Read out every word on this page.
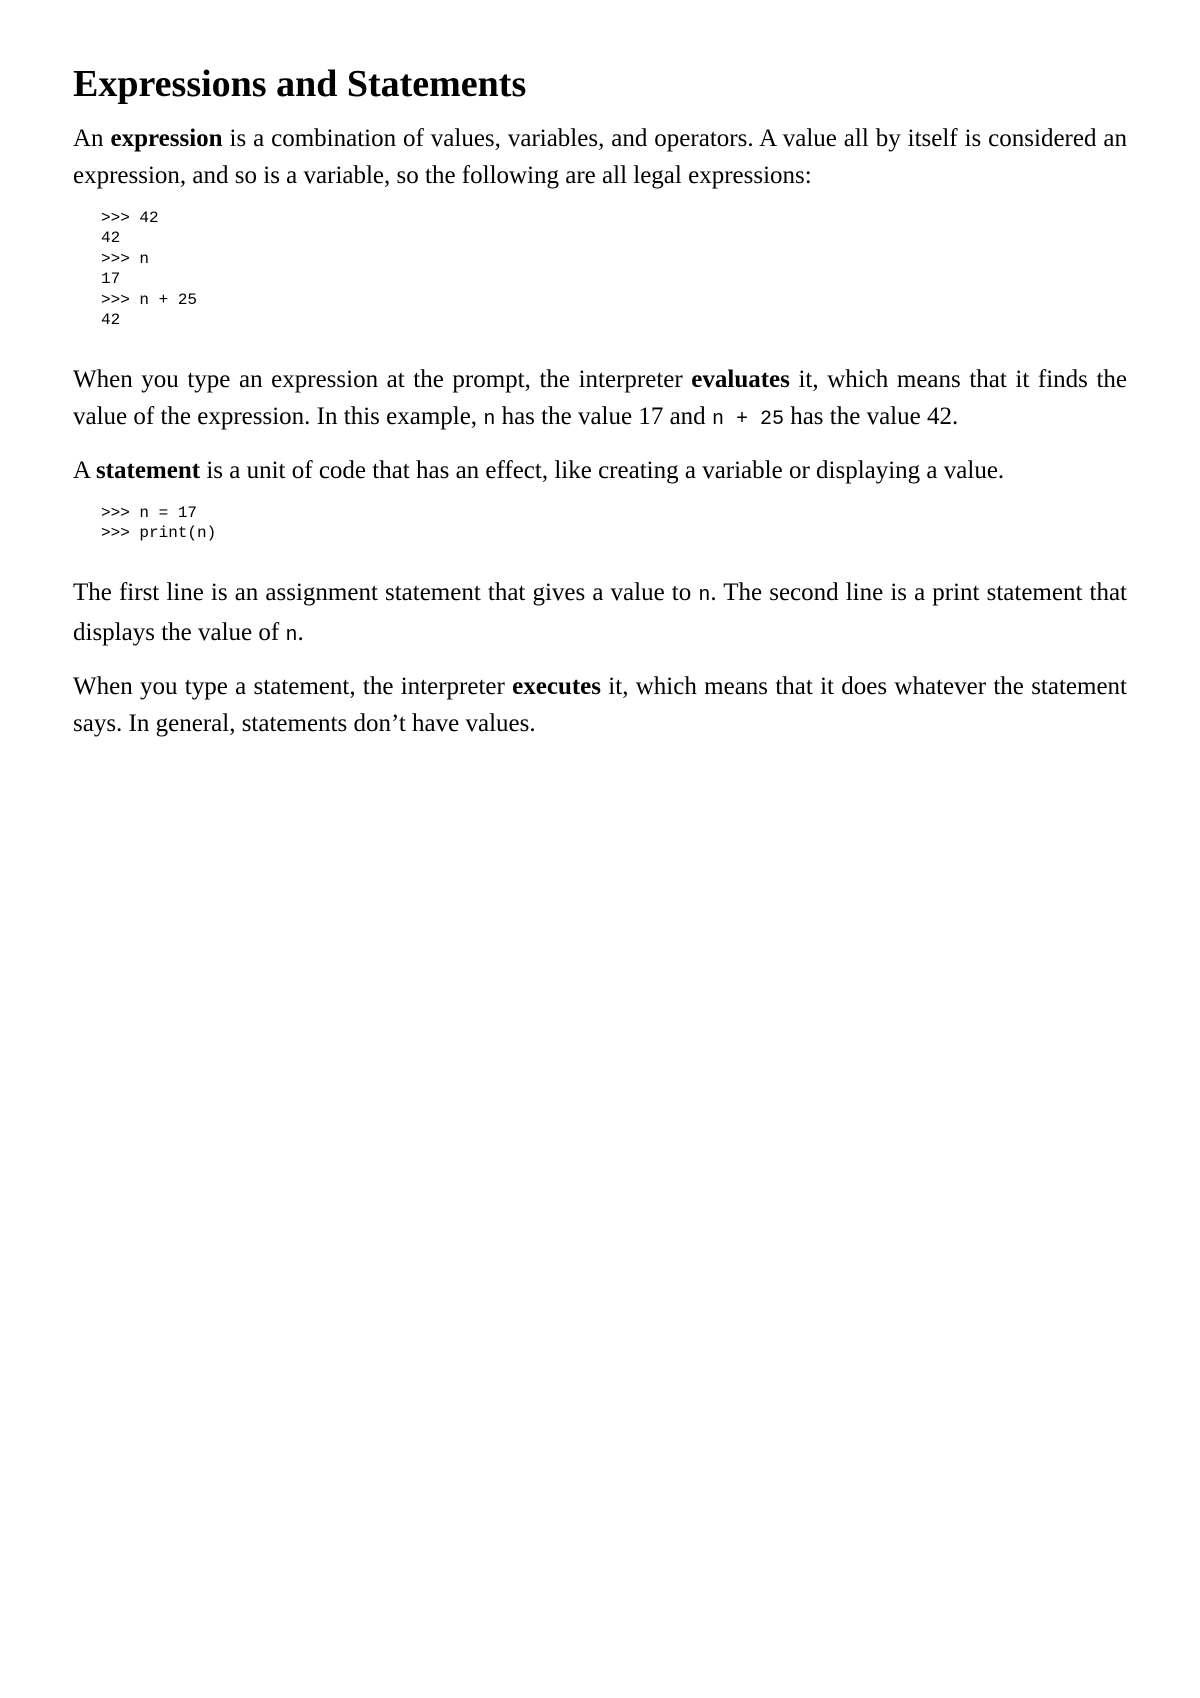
Expressions and Statements

An expression is a combination of values, variables, and operators. A value all by itself is considered an expression, and so is a variable, so the following are all legal expressions:

>>> 42
42
>>> n
17
>>> n + 25
42

When you type an expression at the prompt, the interpreter evaluates it, which means that it finds the value of the expression. In this example, n has the value 17 and n + 25 has the value 42.

A statement is a unit of code that has an effect, like creating a variable or displaying a value.

>>> n = 17
>>> print(n)

The first line is an assignment statement that gives a value to n. The second line is a print statement that displays the value of n.

When you type a statement, the interpreter executes it, which means that it does whatever the statement says. In general, statements don’t have values.
